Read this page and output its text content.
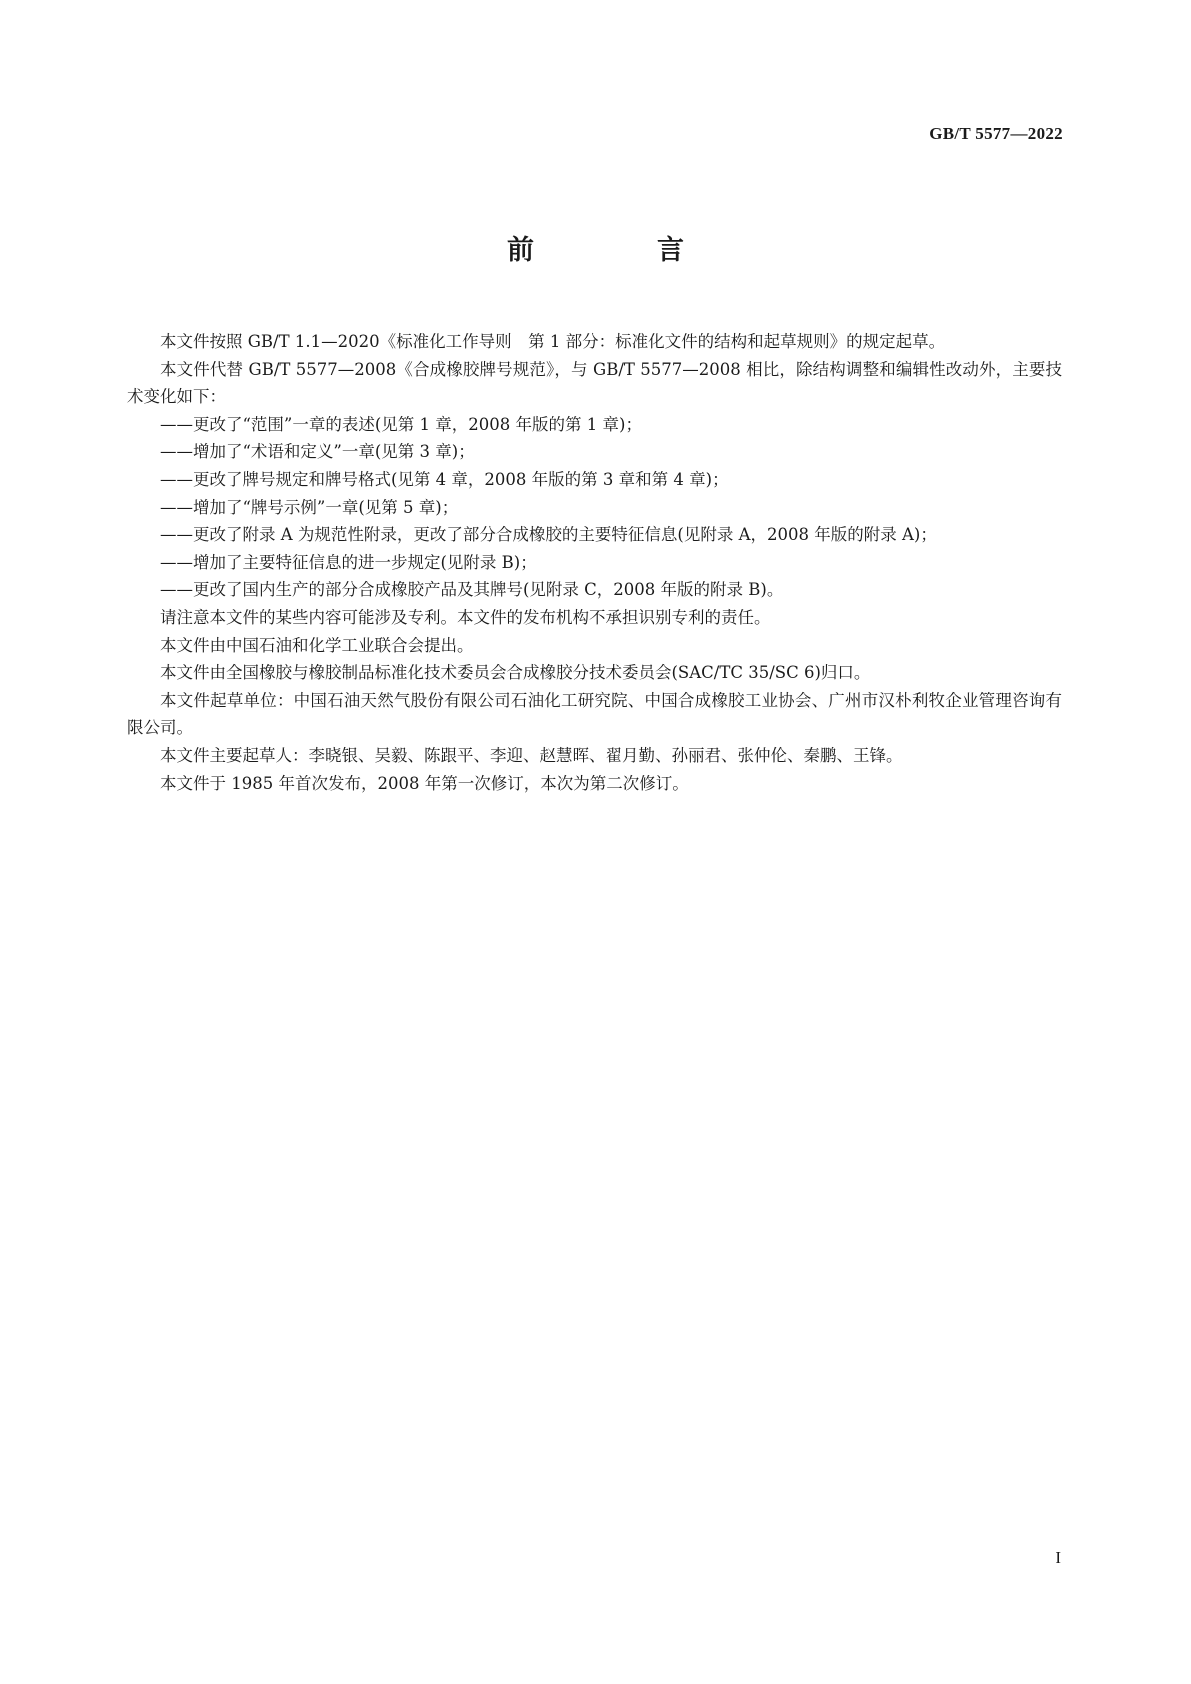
GB/T 5577—2022
前　言

本文件按照 GB/T 1.1—2020《标准化工作导则　第 1 部分：标准化文件的结构和起草规则》的规定起草。

本文件代替 GB/T 5577—2008《合成橡胶牌号规范》，与 GB/T 5577—2008 相比，除结构调整和编辑性改动外，主要技术变化如下：

——更改了“范围”一章的表述(见第 1 章，2008 年版的第 1 章)；

——增加了“术语和定义”一章(见第 3 章)；

——更改了牌号规定和牌号格式(见第 4 章，2008 年版的第 3 章和第 4 章)；

——增加了“牌号示例”一章(见第 5 章)；

——更改了附录 A 为规范性附录，更改了部分合成橡胶的主要特征信息(见附录 A，2008 年版的附录 A)；

——增加了主要特征信息的进一步规定(见附录 B)；

——更改了国内生产的部分合成橡胶产品及其牌号(见附录 C，2008 年版的附录 B)。

请注意本文件的某些内容可能涉及专利。本文件的发布机构不承担识别专利的责任。

本文件由中国石油和化学工业联合会提出。

本文件由全国橡胶与橡胶制品标准化技术委员会合成橡胶分技术委员会(SAC/TC 35/SC 6)归口。

本文件起草单位：中国石油天然气股份有限公司石油化工研究院、中国合成橡胶工业协会、广州市汉朴利牧企业管理咨询有限公司。

本文件主要起草人：李晓银、吴毅、陈跟平、李迎、赵慧晖、翟月勤、孙丽君、张仲伦、秦鹏、王锋。

本文件于 1985 年首次发布，2008 年第一次修订，本次为第二次修订。

I
